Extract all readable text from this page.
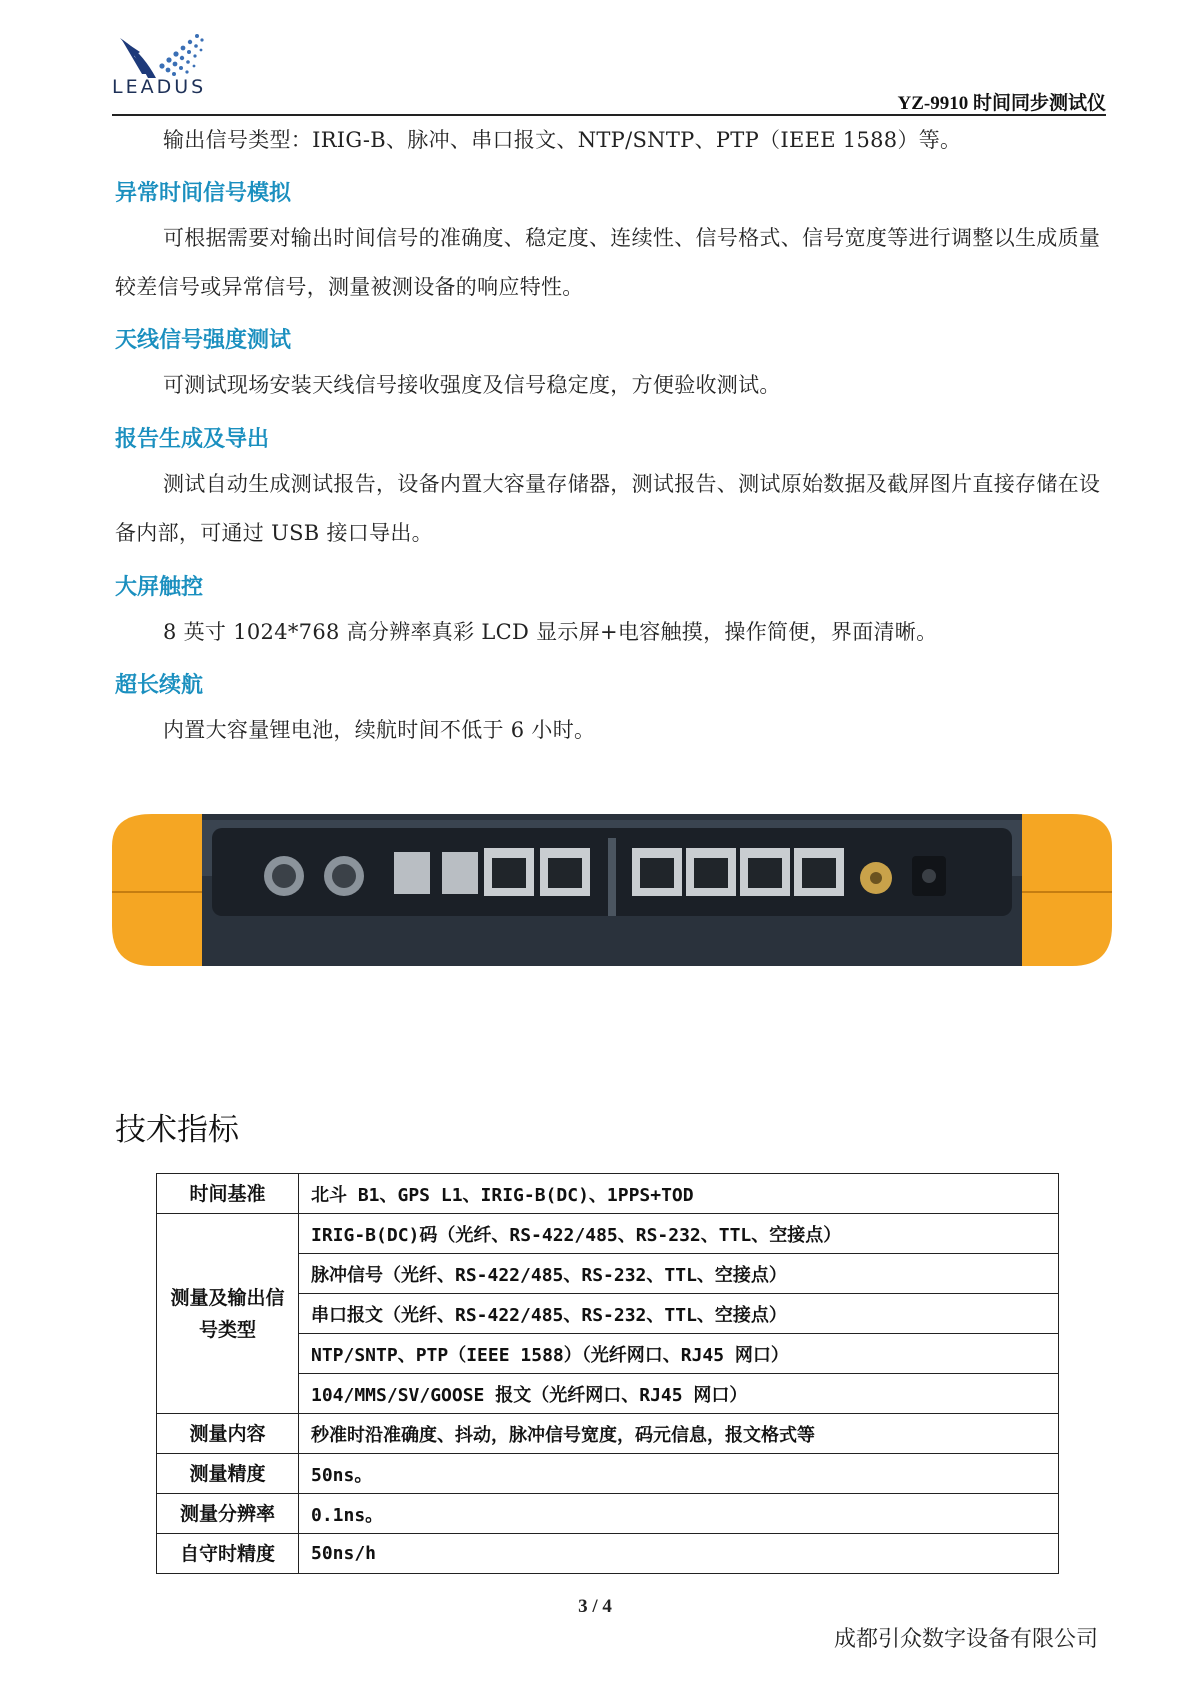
LEADUS
YZ-9910 时间同步测试仪
输出信号类型：IRIG-B、脉冲、串口报文、NTP/SNTP、PTP（IEEE 1588）等。
异常时间信号模拟
可根据需要对输出时间信号的准确度、稳定度、连续性、信号格式、信号宽度等进行调整以生成质量较差信号或异常信号，测量被测设备的响应特性。
天线信号强度测试
可测试现场安装天线信号接收强度及信号稳定度，方便验收测试。
报告生成及导出
测试自动生成测试报告，设备内置大容量存储器，测试报告、测试原始数据及截屏图片直接存储在设备内部，可通过 USB 接口导出。
大屏触控
8 英寸 1024*768 高分辨率真彩 LCD 显示屏+电容触摸，操作简便，界面清晰。
超长续航
内置大容量锂电池，续航时间不低于 6 小时。
技术指标
时间基准	北斗 B1、GPS L1、IRIG-B(DC)、1PPS+TOD
测量及输出信号类型	IRIG-B(DC)码（光纤、RS-422/485、RS-232、TTL、空接点）
	脉冲信号（光纤、RS-422/485、RS-232、TTL、空接点）
	串口报文（光纤、RS-422/485、RS-232、TTL、空接点）
	NTP/SNTP、PTP（IEEE 1588）（光纤网口、RJ45 网口）
	104/MMS/SV/GOOSE 报文（光纤网口、RJ45 网口）
测量内容	秒准时沿准确度、抖动，脉冲信号宽度，码元信息，报文格式等
测量精度	50ns。
测量分辨率	0.1ns。
自守时精度	50ns/h
3 / 4
成都引众数字设备有限公司
